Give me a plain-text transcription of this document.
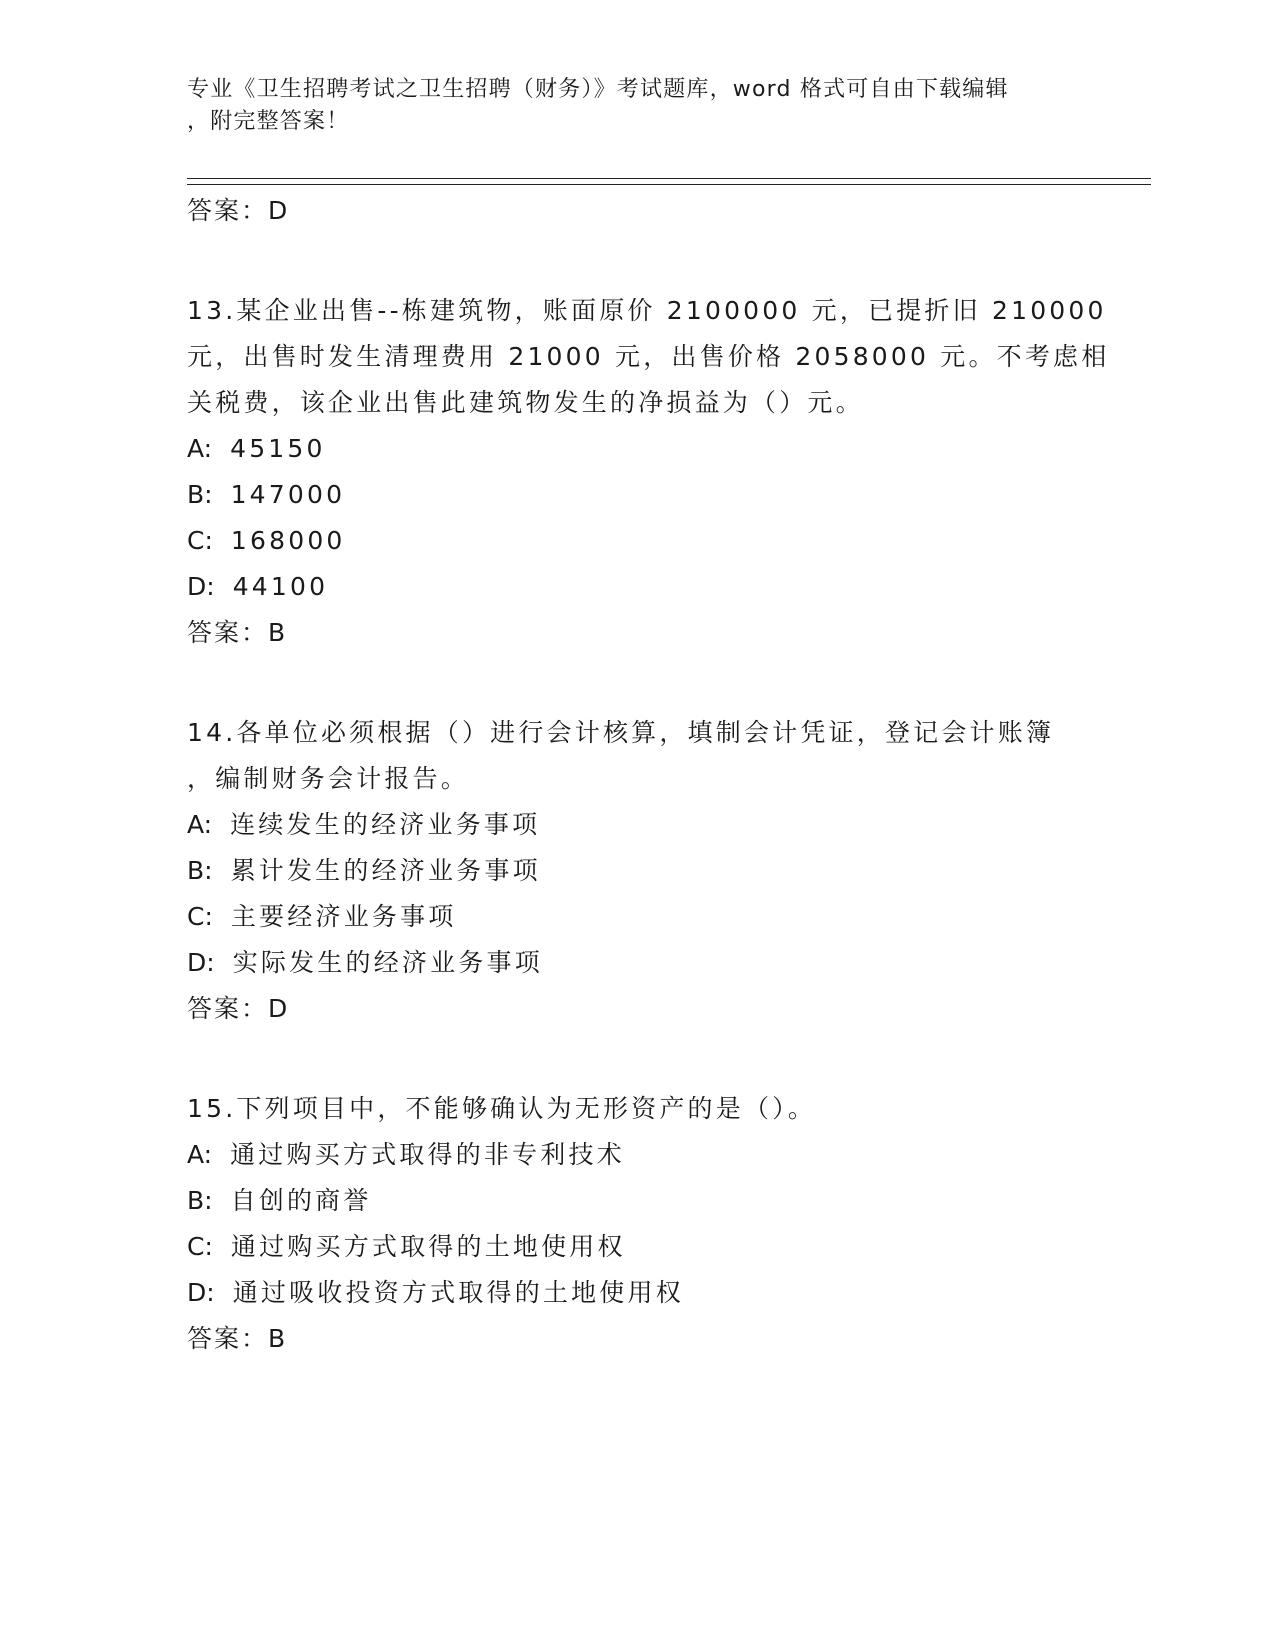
专业《卫生招聘考试之卫生招聘（财务）》考试题库，word 格式可自由下载编辑
，附完整答案！
答案：D
13.某企业出售--栋建筑物，账面原价 2100000 元，已提折旧 210000
元，出售时发生清理费用 21000 元，出售价格 2058000 元。不考虑相
关税费，该企业出售此建筑物发生的净损益为（）元。
A: 45150
B: 147000
C: 168000
D: 44100
答案：B
14.各单位必须根据（）进行会计核算，填制会计凭证，登记会计账簿
，编制财务会计报告。
A: 连续发生的经济业务事项
B: 累计发生的经济业务事项
C: 主要经济业务事项
D: 实际发生的经济业务事项
答案：D
15.下列项目中，不能够确认为无形资产的是（）。
A: 通过购买方式取得的非专利技术
B: 自创的商誉
C: 通过购买方式取得的土地使用权
D: 通过吸收投资方式取得的土地使用权
答案：B
